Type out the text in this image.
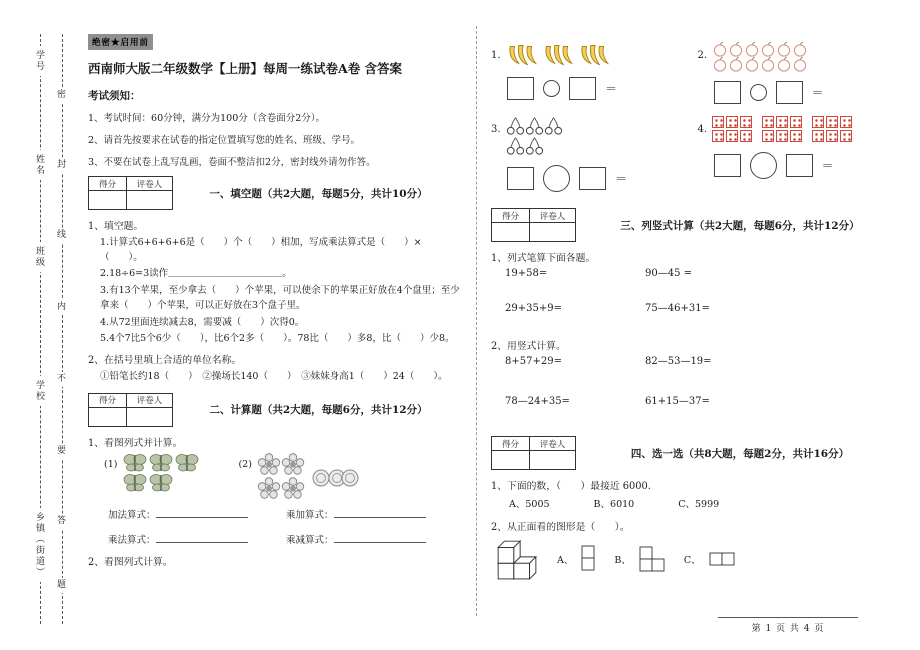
学号
姓名
班级
学校
乡镇（街道）
密
封
线
内
不
要
答
题
绝密★启用前
西南师大版二年级数学【上册】每周一练试卷A卷 含答案
考试须知：
1、考试时间：60分钟，满分为100分（含卷面分2分）。
2、请首先按要求在试卷的指定位置填写您的姓名、班级、学号。
3、不要在试卷上乱写乱画，卷面不整洁扣2分，密封线外请勿作答。
得分	评卷人

一、填空题（共2大题，每题5分，共计10分）
1、填空题。
1.计算式6+6+6+6是（　　）个（　　）相加，写成乘法算式是（　　）×（　　）。
2.18÷6=3读作＿＿＿＿＿＿＿＿＿＿＿＿。
3.有13个苹果，至少拿去（　　）个苹果，可以使余下的苹果正好放在4个盘里；至少拿来（　　）个苹果，可以正好放在3个盘子里。
4.从72里面连续减去8，需要减（　　）次得0。
5.4个7比5个6少（　　），比6个2多（　　）。78比（　　）多8，比（　　）少8。
2、在括号里填上合适的单位名称。
①铅笔长约18（　　）　②操场长140（　　）　③妹妹身高1（　　）24（　　）。
得分	评卷人

二、计算题（共2大题，每题6分，共计12分）
1、看图列式并计算。
(1)	(2)

加法算式：	乘加算式：
乘法算式：	乘减算式：
2、看图列式计算。
1.
＝
2.
＝
3.
＝
4.
＝
得分	评卷人

三、列竖式计算（共2大题，每题6分，共计12分）
1、列式笔算下面各题。
19+58=	90—45 =
29+35+9=	75—46+31=
2、用竖式计算。
8+57+29=	82—53—19=
78—24+35=	61+15—37=
得分	评卷人

四、选一选（共8大题，每题2分，共计16分）
1、下面的数，（　　）最接近 6000.
A、5005	B、6010	C、5999
2、从正面看的图形是（　　）。
A、	B、	C、
第 1 页 共 4 页
